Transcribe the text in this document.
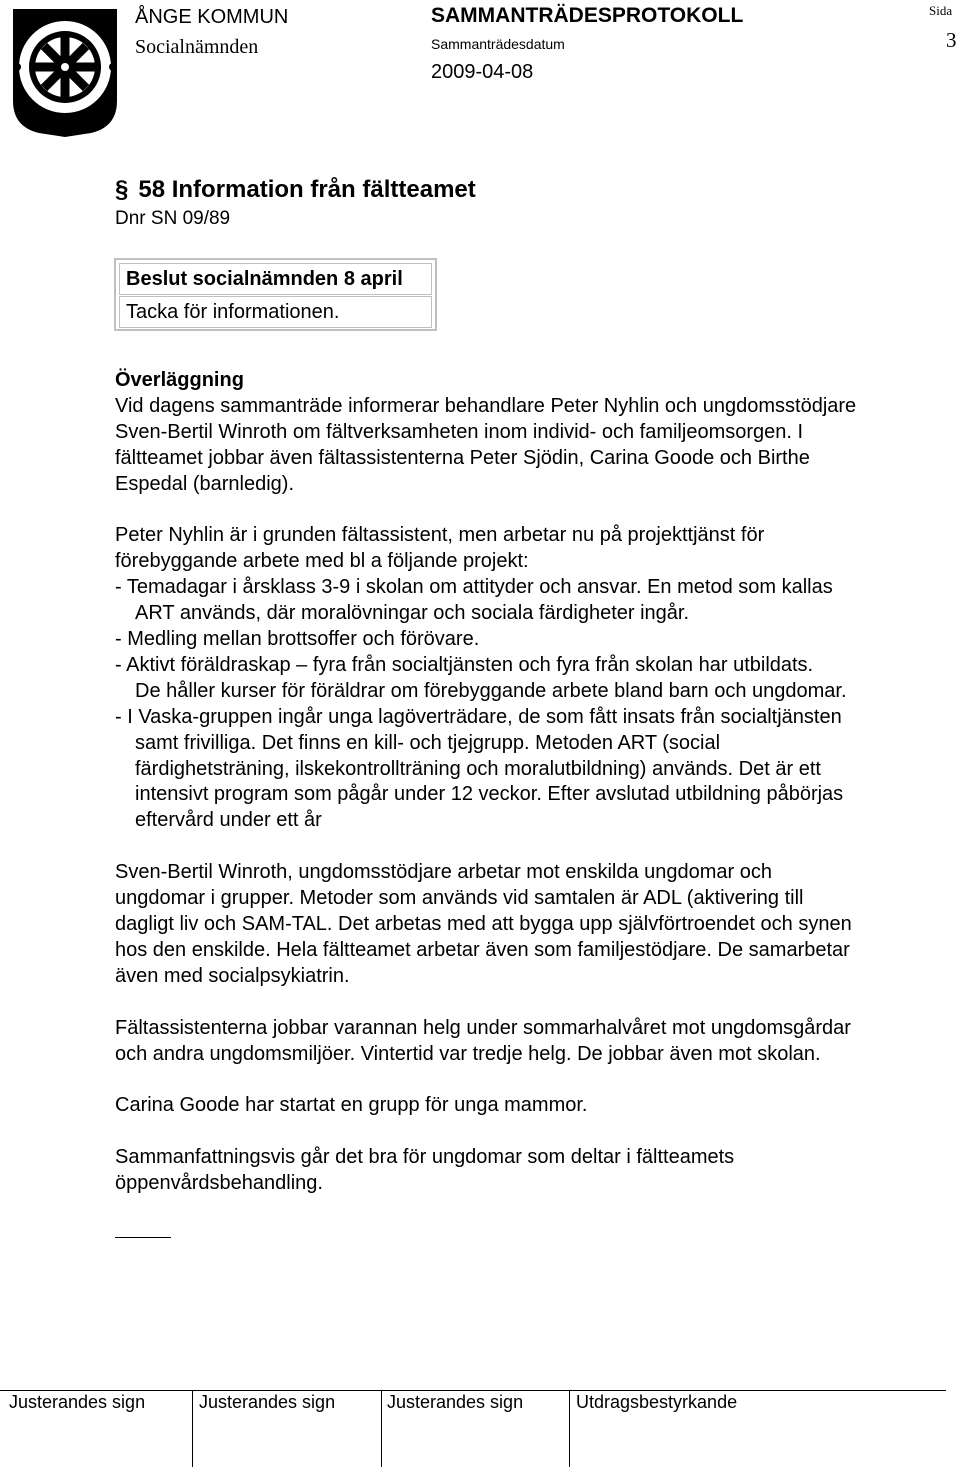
ÅNGE KOMMUN
Socialnämnden
SAMMANTRÄDESPROTOKOLL
Sammanträdesdatum
2009-04-08
Sida
3
§ 58 Information från fältteamet
Dnr SN 09/89
Beslut socialnämnden 8 april
Tacka för informationen.

Överläggning

Vid dagens sammanträde informerar behandlare Peter Nyhlin och ungdomsstödjare

Sven-Bertil Winroth om fältverksamheten inom individ- och familjeomsorgen. I

fältteamet jobbar även fältassistenterna Peter Sjödin, Carina Goode och Birthe

Espedal (barnledig).

Peter Nyhlin är i grunden fältassistent, men arbetar nu på projekttjänst för

förebyggande arbete med bl a följande projekt:

- Temadagar i årsklass 3-9 i skolan om attityder och ansvar. En metod som kallas

ART används, där moralövningar och sociala färdigheter ingår.

- Medling mellan brottsoffer och förövare.

- Aktivt föräldraskap – fyra från socialtjänsten och fyra från skolan har utbildats.

De håller kurser för föräldrar om förebyggande arbete bland barn och ungdomar.

- I Vaska-gruppen ingår unga lagöverträdare, de som fått insats från socialtjänsten

samt frivilliga. Det finns en kill- och tjejgrupp. Metoden ART (social

färdighetsträning, ilskekontrollträning och moralutbildning) används. Det är ett

intensivt program som pågår under 12 veckor. Efter avslutad utbildning påbörjas

eftervård under ett år

Sven-Bertil Winroth, ungdomsstödjare arbetar mot enskilda ungdomar och

ungdomar i grupper. Metoder som används vid samtalen är ADL (aktivering till

dagligt liv och SAM-TAL. Det arbetas med att bygga upp självförtroendet och synen

hos den enskilde. Hela fältteamet arbetar även som familjestödjare. De samarbetar

även med socialpsykiatrin.

Fältassistenterna jobbar varannan helg under sommarhalvåret mot ungdomsgårdar

och andra ungdomsmiljöer. Vintertid var tredje helg. De jobbar även mot skolan.

Carina Goode har startat en grupp för unga mammor.

Sammanfattningsvis går det bra för ungdomar som deltar i fältteamets

öppenvårdsbehandling.

Justerandes sign	Justerandes sign	Justerandes sign	Utdragsbestyrkande
